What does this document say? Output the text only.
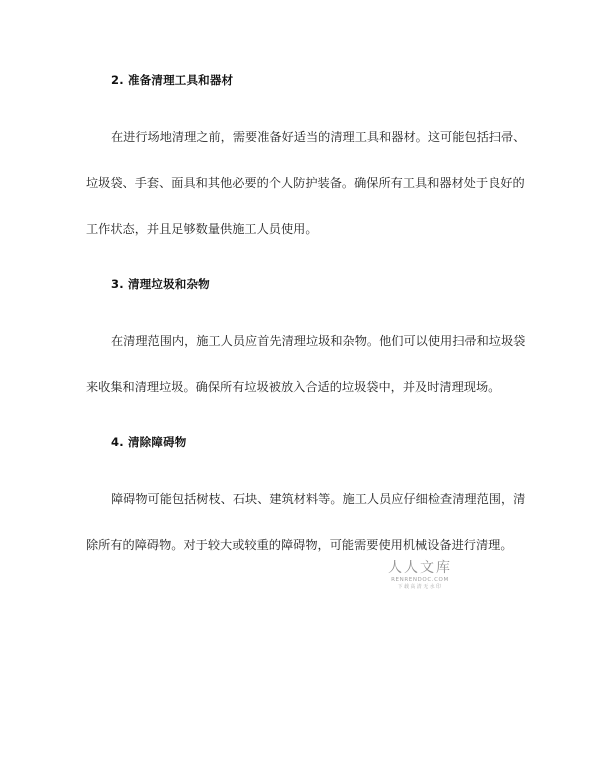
2. 准备清理工具和器材
在进行场地清理之前，需要准备好适当的清理工具和器材。这可能包括扫帚、
垃圾袋、手套、面具和其他必要的个人防护装备。确保所有工具和器材处于良好的
工作状态，并且足够数量供施工人员使用。
3. 清理垃圾和杂物
在清理范围内，施工人员应首先清理垃圾和杂物。他们可以使用扫帚和垃圾袋
来收集和清理垃圾。确保所有垃圾被放入合适的垃圾袋中，并及时清理现场。
4. 清除障碍物
障碍物可能包括树枝、石块、建筑材料等。施工人员应仔细检查清理范围，清
除所有的障碍物。对于较大或较重的障碍物，可能需要使用机械设备进行清理。
人人文库
RENRENDOC.COM
下载高清无水印
